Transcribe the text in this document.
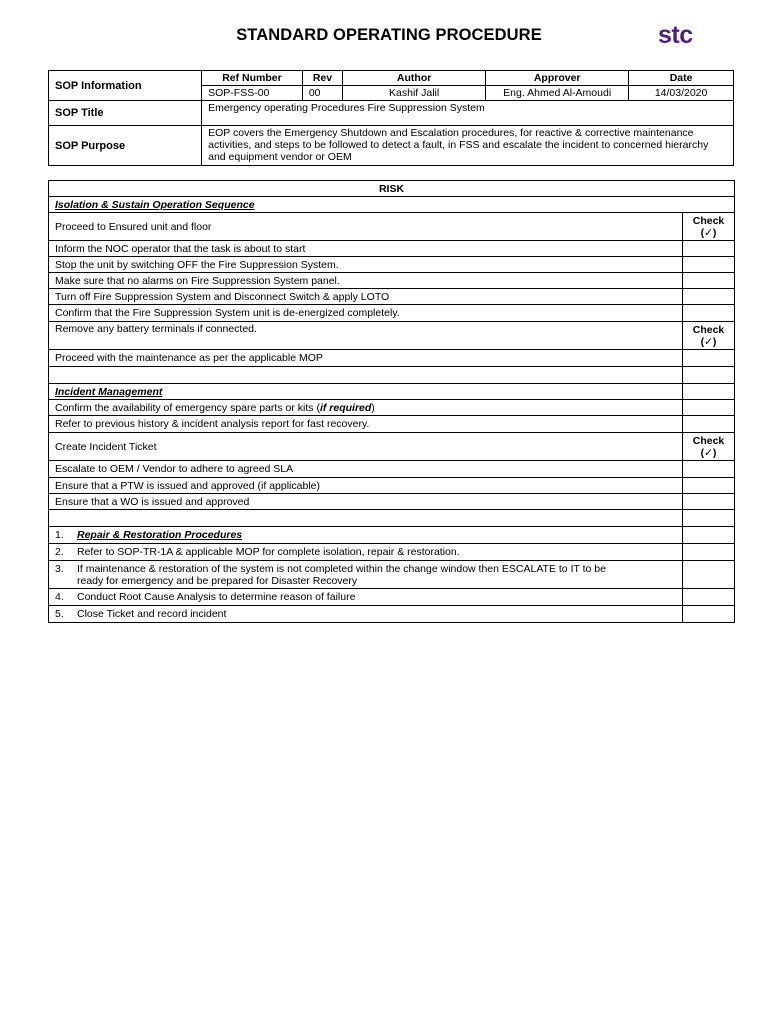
STANDARD OPERATING PROCEDURE	stc
SOP Information	Ref Number	Rev	Author	Approver	Date
	SOP-FSS-00	00	Kashif Jalil	Eng. Ahmed Al-Amoudi	14/03/2020
SOP Title	Emergency operating Procedures Fire Suppression System				
SOP Purpose	EOP covers the Emergency Shutdown and Escalation procedures, for reactive & corrective maintenance activities, and steps to be followed to detect a fault, in FSS and escalate the incident to concerned hierarchy and equipment vendor or OEM				
RISK	
Isolation & Sustain Operation Sequence	
Proceed to Ensured unit and floor	Check
(✓)

Inform the NOC operator that the task is about to start	
Stop the unit by switching OFF the Fire Suppression System.	
Make sure that no alarms on Fire Suppression System panel.	
Turn off Fire Suppression System and Disconnect Switch & apply LOTO	
Confirm that the Fire Suppression System unit is de-energized completely.	
Remove any battery terminals if connected.	Check
(✓)

Proceed with the maintenance as per the applicable MOP	

Incident Management	
Confirm the availability of emergency spare parts or kits (if required)	
Refer to previous history & incident analysis report for fast recovery.	
Create Incident Ticket	Check
(✓)

Escalate to OEM / Vendor to adhere to agreed SLA	
Ensure that a PTW is issued and approved (if applicable)	
Ensure that a WO is issued and approved	

1. Repair & Restoration Procedures	
2. Refer to SOP-TR-1A & applicable MOP for complete isolation, repair & restoration.	

3. If maintenance & restoration of the system is not completed within the change window then ESCALATE to IT to be
ready for emergency and be prepared for Disaster Recovery	

4. Conduct Root Cause Analysis to determine reason of failure	
5. Close Ticket and record incident	
